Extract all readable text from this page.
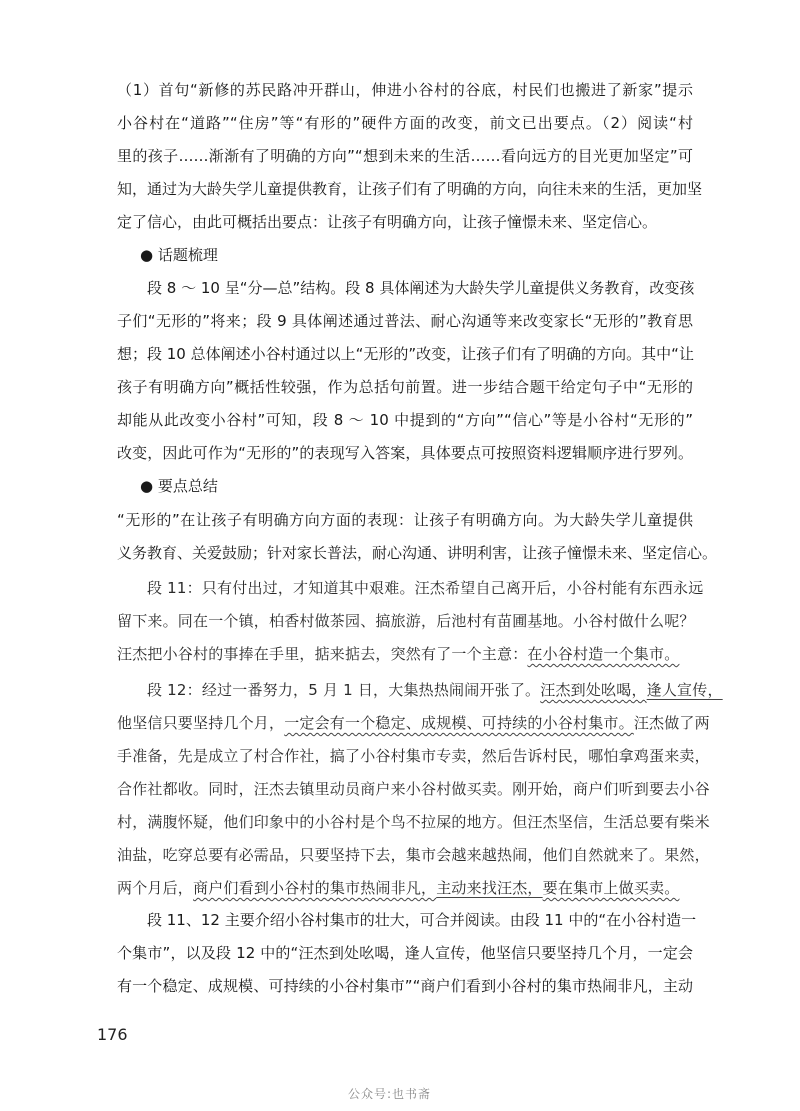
（1）首句“新修的苏民路冲开群山，伸进小谷村的谷底，村民们也搬进了新家”提示
小谷村在“道路”“住房”等“有形的”硬件方面的改变，前文已出要点。（2）阅读“村
里的孩子……渐渐有了明确的方向”“想到未来的生活……看向远方的目光更加坚定”可
知，通过为大龄失学儿童提供教育，让孩子们有了明确的方向，向往未来的生活，更加坚
定了信心，由此可概括出要点：让孩子有明确方向，让孩子憧憬未来、坚定信心。
● 话题梳理
段 8 ～ 10 呈“分—总”结构。段 8 具体阐述为大龄失学儿童提供义务教育，改变孩
子们“无形的”将来；段 9 具体阐述通过普法、耐心沟通等来改变家长“无形的”教育思
想；段 10 总体阐述小谷村通过以上“无形的”改变，让孩子们有了明确的方向。其中“让
孩子有明确方向”概括性较强，作为总括句前置。进一步结合题干给定句子中“无形的
却能从此改变小谷村”可知，段 8 ～ 10 中提到的“方向”“信心”等是小谷村“无形的”
改变，因此可作为“无形的”的表现写入答案，具体要点可按照资料逻辑顺序进行罗列。
● 要点总结
“无形的”在让孩子有明确方向方面的表现：让孩子有明确方向。为大龄失学儿童提供
义务教育、关爱鼓励；针对家长普法，耐心沟通、讲明利害，让孩子憧憬未来、坚定信心。
段 11：只有付出过，才知道其中艰难。汪杰希望自己离开后，小谷村能有东西永远
留下来。同在一个镇，柏香村做茶园、搞旅游，后池村有苗圃基地。小谷村做什么呢？
汪杰把小谷村的事捧在手里，掂来掂去，突然有了一个主意：在小谷村造一个集市。
段 12：经过一番努力，5 月 1 日，大集热热闹闹开张了。汪杰到处吆喝，逢人宣传，
他坚信只要坚持几个月，一定会有一个稳定、成规模、可持续的小谷村集市。汪杰做了两
手准备，先是成立了村合作社，搞了小谷村集市专卖，然后告诉村民，哪怕拿鸡蛋来卖，
合作社都收。同时，汪杰去镇里动员商户来小谷村做买卖。刚开始，商户们听到要去小谷
村，满腹怀疑，他们印象中的小谷村是个鸟不拉屎的地方。但汪杰坚信，生活总要有柴米
油盐，吃穿总要有必需品，只要坚持下去，集市会越来越热闹，他们自然就来了。果然，
两个月后，商户们看到小谷村的集市热闹非凡，主动来找汪杰，要在集市上做买卖。
段 11、12 主要介绍小谷村集市的壮大，可合并阅读。由段 11 中的“在小谷村造一
个集市”，以及段 12 中的“汪杰到处吆喝，逢人宣传，他坚信只要坚持几个月，一定会
有一个稳定、成规模、可持续的小谷村集市”“商户们看到小谷村的集市热闹非凡，主动
176
公众号:也书斋
